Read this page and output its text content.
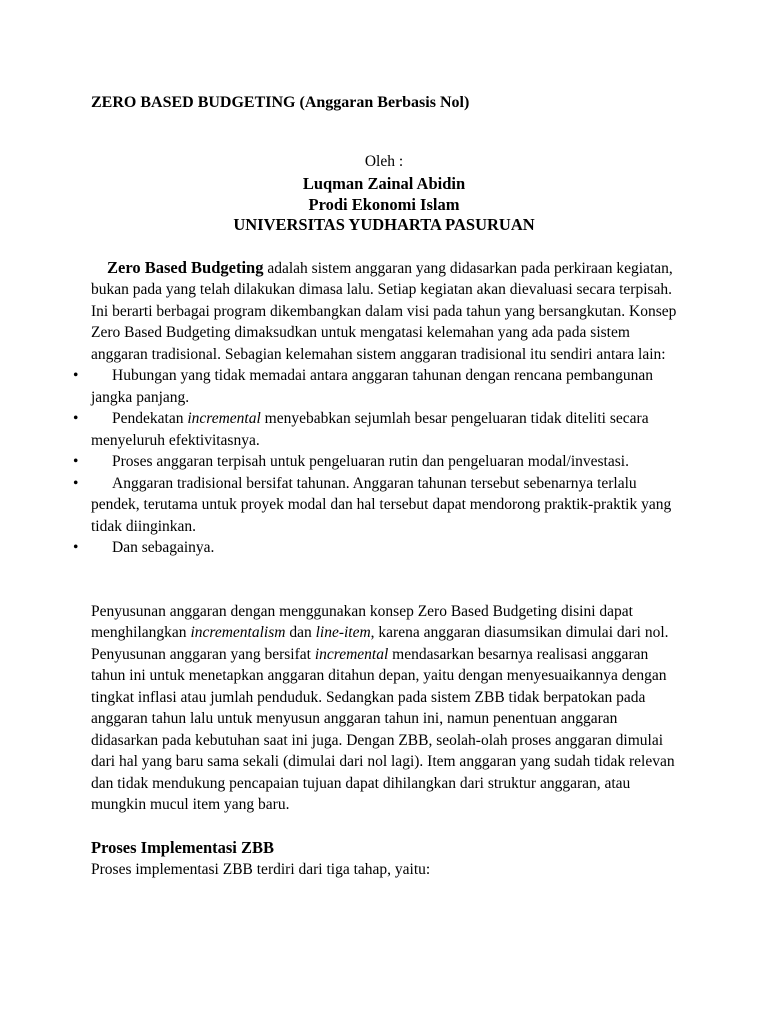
ZERO BASED BUDGETING (Anggaran Berbasis Nol)
Oleh :
Luqman Zainal Abidin
Prodi Ekonomi Islam
UNIVERSITAS YUDHARTA PASURUAN

Zero Based Budgeting adalah sistem anggaran yang didasarkan pada perkiraan kegiatan, bukan pada yang telah dilakukan dimasa lalu. Setiap kegiatan akan dievaluasi secara terpisah. Ini berarti berbagai program dikembangkan dalam visi pada tahun yang bersangkutan. Konsep Zero Based Budgeting dimaksudkan untuk mengatasi kelemahan yang ada pada sistem anggaran tradisional. Sebagian kelemahan sistem anggaran tradisional itu sendiri antara lain:

• Hubungan yang tidak memadai antara anggaran tahunan dengan rencana pembangunan jangka panjang.
• Pendekatan incremental menyebabkan sejumlah besar pengeluaran tidak diteliti secara menyeluruh efektivitasnya.
• Proses anggaran terpisah untuk pengeluaran rutin dan pengeluaran modal/investasi.
• Anggaran tradisional bersifat tahunan. Anggaran tahunan tersebut sebenarnya terlalu pendek, terutama untuk proyek modal dan hal tersebut dapat mendorong praktik-praktik yang tidak diinginkan.
• Dan sebagainya.

Penyusunan anggaran dengan menggunakan konsep Zero Based Budgeting disini dapat menghilangkan incrementalism dan line-item, karena anggaran diasumsikan dimulai dari nol. Penyusunan anggaran yang bersifat incremental mendasarkan besarnya realisasi anggaran tahun ini untuk menetapkan anggaran ditahun depan, yaitu dengan menyesuaikannya dengan tingkat inflasi atau jumlah penduduk. Sedangkan pada sistem ZBB tidak berpatokan pada anggaran tahun lalu untuk menyusun anggaran tahun ini, namun penentuan anggaran didasarkan pada kebutuhan saat ini juga. Dengan ZBB, seolah-olah proses anggaran dimulai dari hal yang baru sama sekali (dimulai dari nol lagi). Item anggaran yang sudah tidak relevan dan tidak mendukung pencapaian tujuan dapat dihilangkan dari struktur anggaran, atau mungkin mucul item yang baru.

Proses Implementasi ZBB

Proses implementasi ZBB terdiri dari tiga tahap, yaitu:
